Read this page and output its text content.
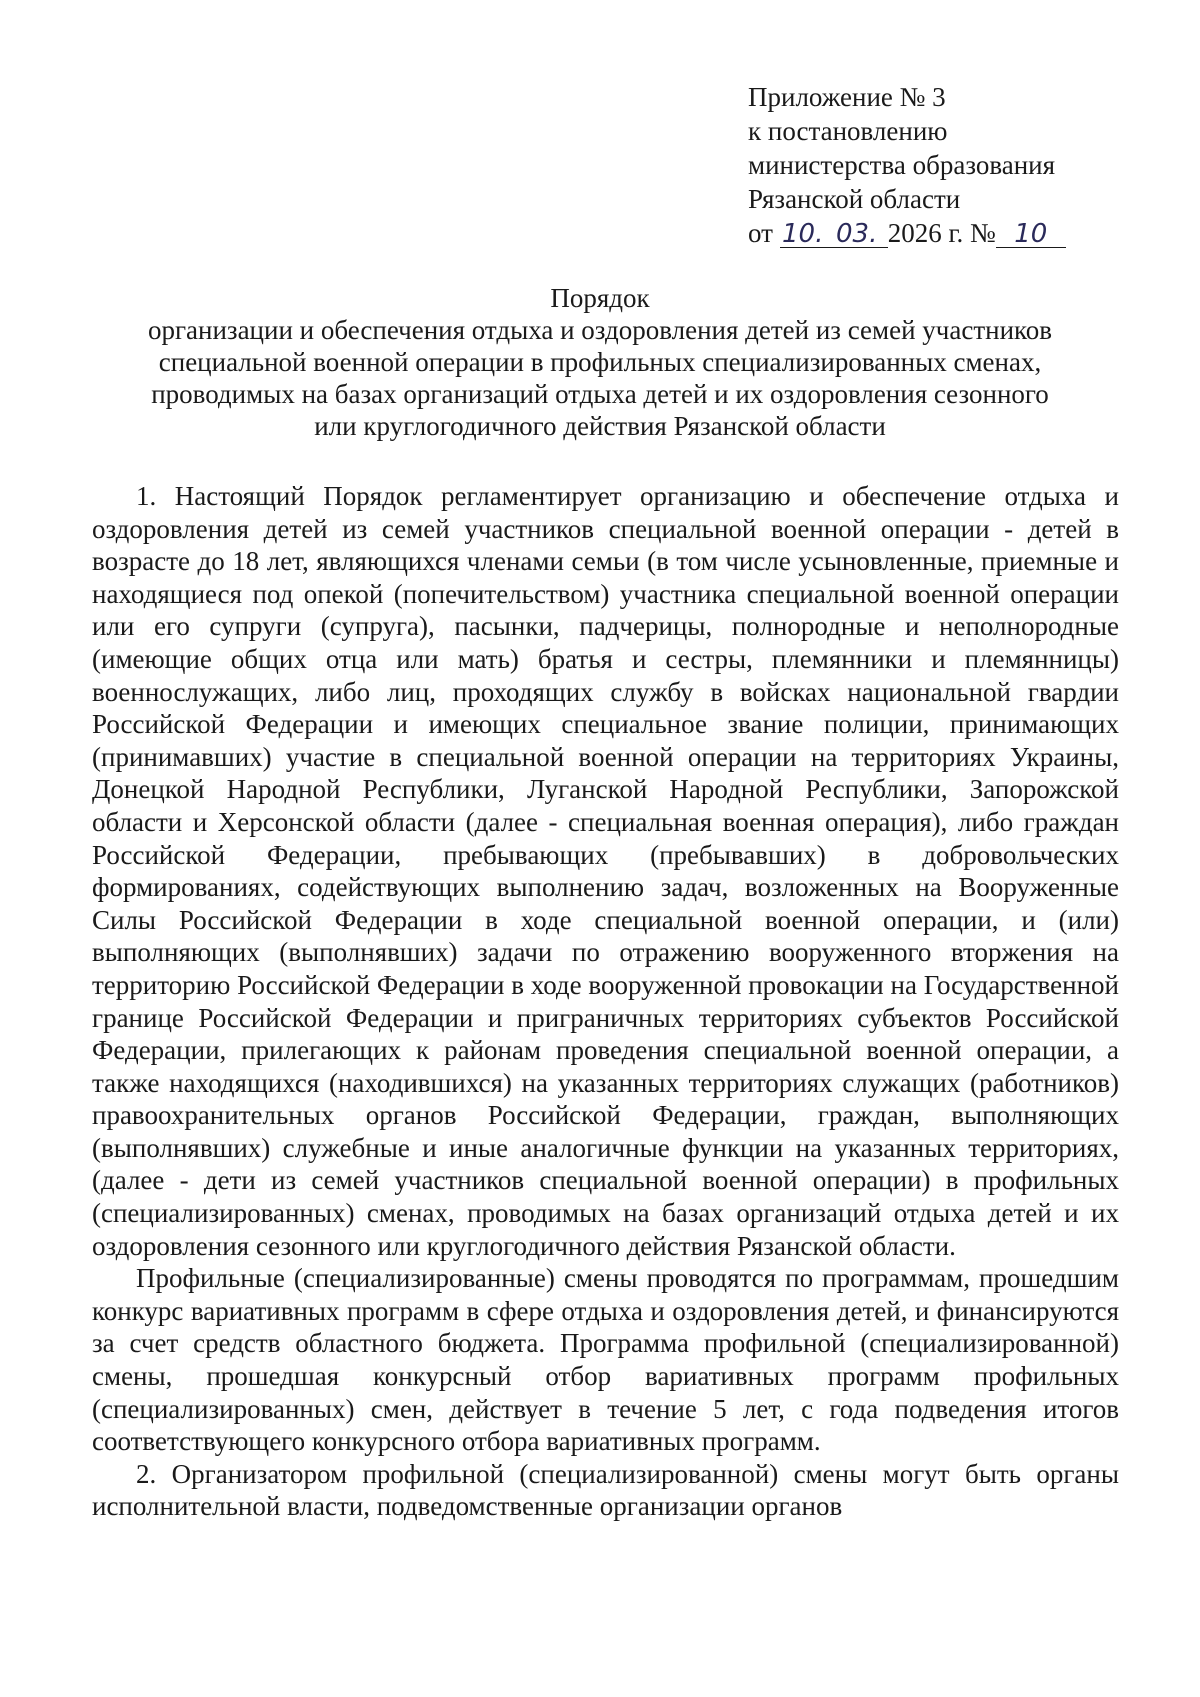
Приложение № 3
к постановлению
министерства образования
Рязанской области
от 10. 03. 2026 г. № 10
Порядок
организации и обеспечения отдыха и оздоровления детей из семей участников
специальной военной операции в профильных специализированных сменах,
проводимых на базах организаций отдыха детей и их оздоровления сезонного
или круглогодичного действия Рязанской области

1. Настоящий Порядок регламентирует организацию и обеспечение отдыха и оздоровления детей из семей участников специальной военной операции - детей в возрасте до 18 лет, являющихся членами семьи (в том числе усыновленные, приемные и находящиеся под опекой (попечительством) участника специальной военной операции или его супруги (супруга), пасынки, падчерицы, полнородные и неполнородные (имеющие общих отца или мать) братья и сестры, племянники и племянницы) военнослужащих, либо лиц, проходящих службу в войсках национальной гвардии Российской Федерации и имеющих специальное звание полиции, принимающих (принимавших) участие в специальной военной операции на территориях Украины, Донецкой Народной Республики, Луганской Народной Республики, Запорожской области и Херсонской области (далее - специальная военная операция), либо граждан Российской Федерации, пребывающих (пребывавших) в добровольческих формированиях, содействующих выполнению задач, возложенных на Вооруженные Силы Российской Федерации в ходе специальной военной операции, и (или) выполняющих (выполнявших) задачи по отражению вооруженного вторжения на территорию Российской Федерации в ходе вооруженной провокации на Государственной границе Российской Федерации и приграничных территориях субъектов Российской Федерации, прилегающих к районам проведения специальной военной операции, а также находящихся (находившихся) на указанных территориях служащих (работников) правоохранительных органов Российской Федерации, граждан, выполняющих (выполнявших) служебные и иные аналогичные функции на указанных территориях, (далее - дети из семей участников специальной военной операции) в профильных (специализированных) сменах, проводимых на базах организаций отдыха детей и их оздоровления сезонного или круглогодичного действия Рязанской области.

Профильные (специализированные) смены проводятся по программам, прошедшим конкурс вариативных программ в сфере отдыха и оздоровления детей, и финансируются за счет средств областного бюджета. Программа профильной (специализированной) смены, прошедшая конкурсный отбор вариативных программ профильных (специализированных) смен, действует в течение 5 лет, с года подведения итогов соответствующего конкурсного отбора вариативных программ.

2. Организатором профильной (специализированной) смены могут быть органы исполнительной власти, подведомственные организации органов
